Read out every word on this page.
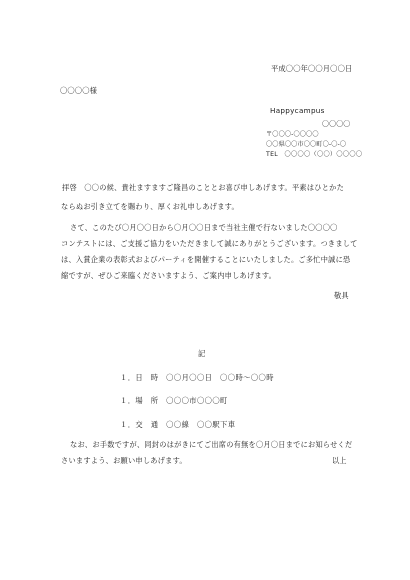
平成〇〇年〇〇月〇〇日
〇〇〇〇様
Happycampus
〇〇〇〇
〒〇〇〇-〇〇〇〇
〇〇県〇〇市〇〇町〇-〇-〇
TEL　〇〇〇〇（〇〇）〇〇〇〇
拝啓　〇〇の候、貴社ますますご隆昌のこととお喜び申しあげます。平素はひとかた
ならぬお引き立てを賜わり、厚くお礼申しあげます。
さて、このたび〇月〇〇日から〇月〇〇日まで当社主催で行ないました〇〇〇〇
コンテストには、ご支援ご協力をいただきまして誠にありがとうございます。つきまして
は、入賞企業の表彰式およびパーティを開催することにいたしました。ご多忙中誠に恐
縮ですが、ぜひご来臨くださいますよう、ご案内申しあげます。
敬具
記
１．日　時　〇〇月〇〇日　〇〇時～〇〇時
１．場　所　〇〇〇市〇〇〇町
１．交　通　〇〇線　〇〇駅下車
なお、お手数ですが、同封のはがきにてご出席の有無を〇月〇日までにお知らせくだ
さいますよう、お願い申しあげます。	以上
